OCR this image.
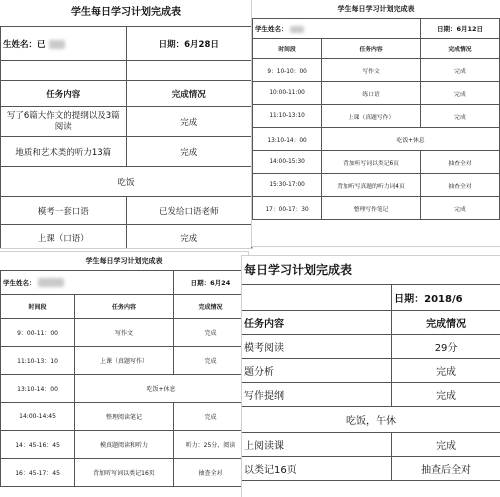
学生每日学习计划完成表
生姓名：已	日期：6月28日

任务内容	完成情况
写了6篇大作文的提纲以及3篇阅读	完成
地质和艺术类的听力13篇	完成
吃饭	
模考一套口语	已发给口语老师
上课（口语）	完成
学生每日学习计划完成表
学生姓名：		日期：6月12日
时间段	任务内容	完成情况
9：10-10：00	写作文	完成
10:00-11:00	练口语	完成
11:10-13:10	上课（真题写作）	完成
13:10-14：00	吃饭+休息	
14:00-15:30	背加听写词以类记6页	抽查全对
15:30-17:00	背加听写真题的听力词4页	抽查全对
17：00-17：30	整理写作笔记	完成
学生每日学习计划完成表
学生姓名：		日期：6月24
时间段	任务内容	完成情况
9：00-11：00	写作文	完成
11:10-13：10	上课（真题写作）	完成
13:10-14：00	吃饭+休息	
14:00-14:45	整理阅读笔记	完成
14：45-16：45	模真题阅读和听力	听力：25分，阅读
16：45-17：45	背加听写词以类记16页	抽查全对
每日学习计划完成表
	日期：2018/6
任务内容	完成情况
模考阅读	29分
题分析	完成
写作提纲	完成
吃饭，午休	
上阅读课	完成
以类记16页	抽查后全对
